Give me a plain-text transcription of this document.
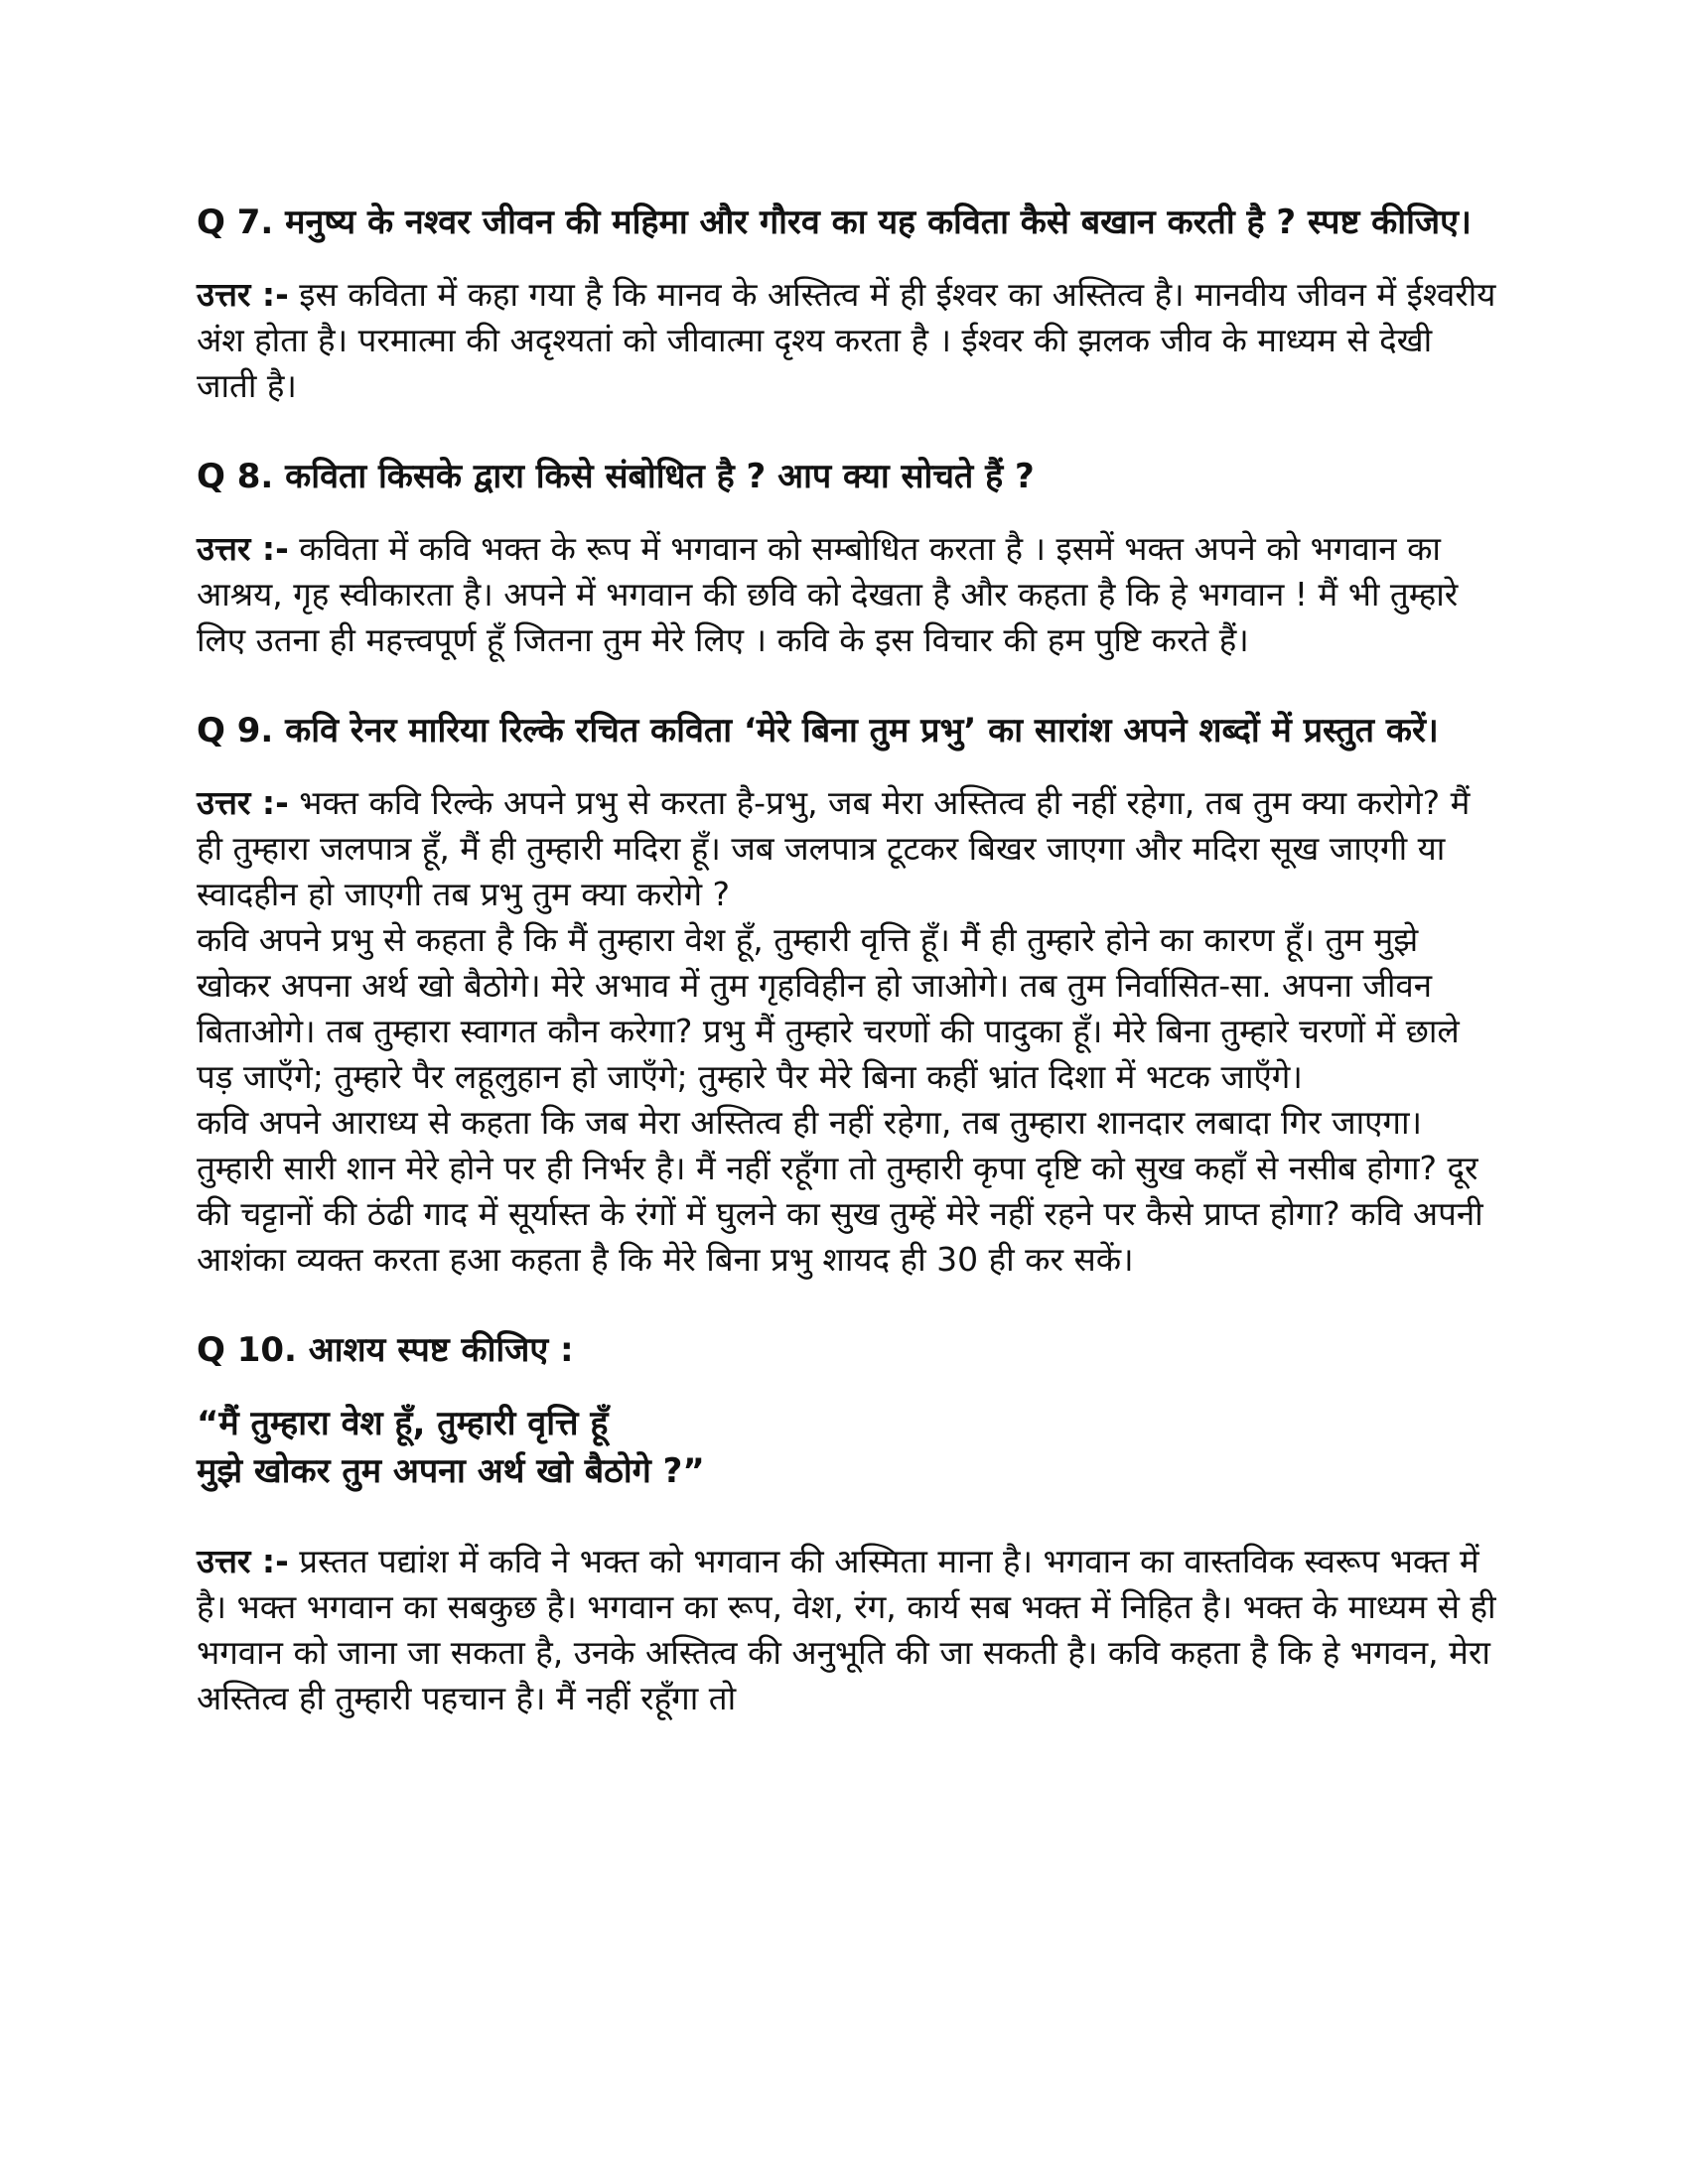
Q 7. मनुष्य के नश्वर जीवन की महिमा और गौरव का यह कविता कैसे बखान करती है ? स्पष्ट कीजिए।
उत्तर :- इस कविता में कहा गया है कि मानव के अस्तित्व में ही ईश्वर का अस्तित्व है। मानवीय जीवन में ईश्वरीय अंश होता है। परमात्मा की अदृश्यतां को जीवात्मा दृश्य करता है । ईश्वर की झलक जीव के माध्यम से देखी जाती है।
Q 8. कविता किसके द्वारा किसे संबोधित है ? आप क्या सोचते हैं ?
उत्तर :- कविता में कवि भक्त के रूप में भगवान को सम्बोधित करता है । इसमें भक्त अपने को भगवान का आश्रय, गृह स्वीकारता है। अपने में भगवान की छवि को देखता है और कहता है कि हे भगवान ! मैं भी तुम्हारे लिए उतना ही महत्त्वपूर्ण हूँ जितना तुम मेरे लिए । कवि के इस विचार की हम पुष्टि करते हैं।
Q 9. कवि रेनर मारिया रिल्के रचित कविता ‘मेरे बिना तुम प्रभु’ का सारांश अपने शब्दों में प्रस्तुत करें।
उत्तर :- भक्त कवि रिल्के अपने प्रभु से करता है-प्रभु, जब मेरा अस्तित्व ही नहीं रहेगा, तब तुम क्या करोगे? मैं ही तुम्हारा जलपात्र हूँ, मैं ही तुम्हारी मदिरा हूँ। जब जलपात्र टूटकर बिखर जाएगा और मदिरा सूख जाएगी या स्वादहीन हो जाएगी तब प्रभु तुम क्या करोगे ?
कवि अपने प्रभु से कहता है कि मैं तुम्हारा वेश हूँ, तुम्हारी वृत्ति हूँ। मैं ही तुम्हारे होने का कारण हूँ। तुम मुझे खोकर अपना अर्थ खो बैठोगे। मेरे अभाव में तुम गृहविहीन हो जाओगे। तब तुम निर्वासित-सा. अपना जीवन बिताओगे। तब तुम्हारा स्वागत कौन करेगा? प्रभु मैं तुम्हारे चरणों की पादुका हूँ। मेरे बिना तुम्हारे चरणों में छाले पड़ जाएँगे; तुम्हारे पैर लहूलुहान हो जाएँगे; तुम्हारे पैर मेरे बिना कहीं भ्रांत दिशा में भटक जाएँगे।
कवि अपने आराध्य से कहता कि जब मेरा अस्तित्व ही नहीं रहेगा, तब तुम्हारा शानदार लबादा गिर जाएगा। तुम्हारी सारी शान मेरे होने पर ही निर्भर है। मैं नहीं रहूँगा तो तुम्हारी कृपा दृष्टि को सुख कहाँ से नसीब होगा? दूर की चट्टानों की ठंढी गाद में सूर्यास्त के रंगों में घुलने का सुख तुम्हें मेरे नहीं रहने पर कैसे प्राप्त होगा? कवि अपनी आशंका व्यक्त करता हआ कहता है कि मेरे बिना प्रभु शायद ही 30 ही कर सकें।
Q 10. आशय स्पष्ट कीजिए :
“मैं तुम्हारा वेश हूँ, तुम्हारी वृत्ति हूँ
मुझे खोकर तुम अपना अर्थ खो बैठोगे ?”
उत्तर :- प्रस्तत पद्यांश में कवि ने भक्त को भगवान की अस्मिता माना है। भगवान का वास्तविक स्वरूप भक्त में है। भक्त भगवान का सबकुछ है। भगवान का रूप, वेश, रंग, कार्य सब भक्त में निहित है। भक्त के माध्यम से ही भगवान को जाना जा सकता है, उनके अस्तित्व की अनुभूति की जा सकती है। कवि कहता है कि हे भगवन, मेरा अस्तित्व ही तुम्हारी पहचान है। मैं नहीं रहूँगा तो
